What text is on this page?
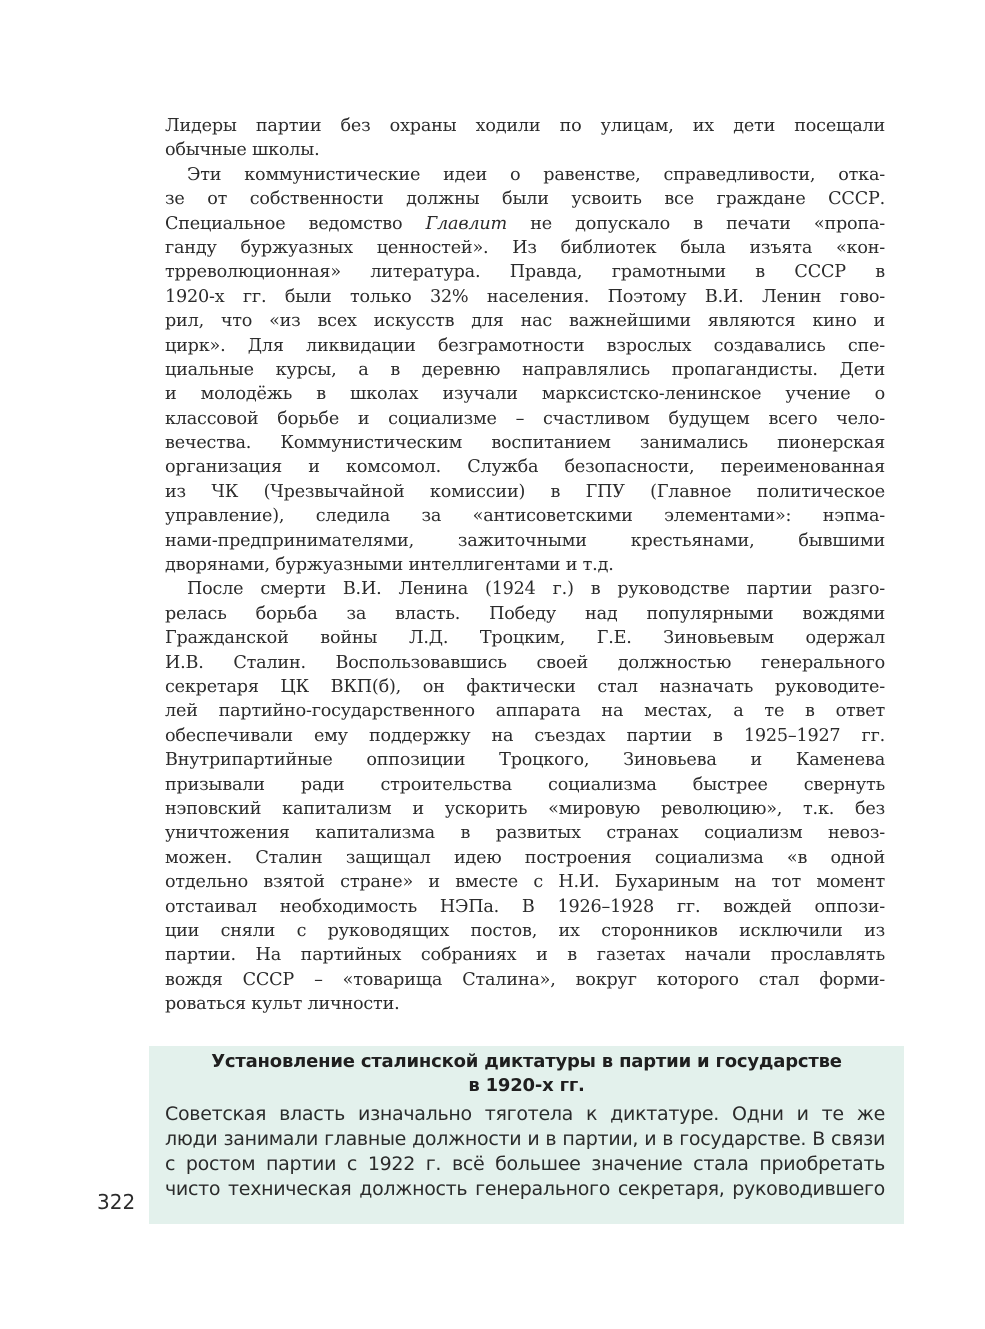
Лидеры партии без охраны ходили по улицам, их дети посещали
обычные школы.
Эти коммунистические идеи о равенстве, справедливости, отка-
зе от собственности должны были усвоить все граждане СССР.
Специальное ведомство Главлит не допускало в печати «пропа-
ганду буржуазных ценностей». Из библиотек была изъята «кон-
трреволюционная» литература. Правда, грамотными в СССР в
1920-х гг. были только 32% населения. Поэтому В.И. Ленин гово-
рил, что «из всех искусств для нас важнейшими являются кино и
цирк». Для ликвидации безграмотности взрослых создавались спе-
циальные курсы, а в деревню направлялись пропагандисты. Дети
и молодёжь в школах изучали марксистско-ленинское учение о
классовой борьбе и социализме – счастливом будущем всего чело-
вечества. Коммунистическим воспитанием занимались пионерская
организация и комсомол. Служба безопасности, переименованная
из ЧК (Чрезвычайной комиссии) в ГПУ (Главное политическое
управление), следила за «антисоветскими элементами»: нэпма-
нами-предпринимателями, зажиточными крестьянами, бывшими
дворянами, буржуазными интеллигентами и т.д.
После смерти В.И. Ленина (1924 г.) в руководстве партии разго-
релась борьба за власть. Победу над популярными вождями
Гражданской войны Л.Д. Троцким, Г.Е. Зиновьевым одержал
И.В. Сталин. Воспользовавшись своей должностью генерального
секретаря ЦК ВКП(б), он фактически стал назначать руководите-
лей партийно-государственного аппарата на местах, а те в ответ
обеспечивали ему поддержку на съездах партии в 1925–1927 гг.
Внутрипартийные оппозиции Троцкого, Зиновьева и Каменева
призывали ради строительства социализма быстрее свернуть
нэповский капитализм и ускорить «мировую революцию», т.к. без
уничтожения капитализма в развитых странах социализм невоз-
можен. Сталин защищал идею построения социализма «в одной
отдельно взятой стране» и вместе с Н.И. Бухариным на тот момент
отстаивал необходимость НЭПа. В 1926–1928 гг. вождей оппози-
ции сняли с руководящих постов, их сторонников исключили из
партии. На партийных собраниях и в газетах начали прославлять
вождя СССР – «товарища Сталина», вокруг которого стал форми-
роваться культ личности.
Установление сталинской диктатуры в партии и государстве
в 1920-х гг.
Советская власть изначально тяготела к диктатуре. Одни и те же
люди занимали главные должности и в партии, и в государстве. В связи
с ростом партии с 1922 г. всё большее значение стала приобретать
чисто техническая должность генерального секретаря, руководившего
322
